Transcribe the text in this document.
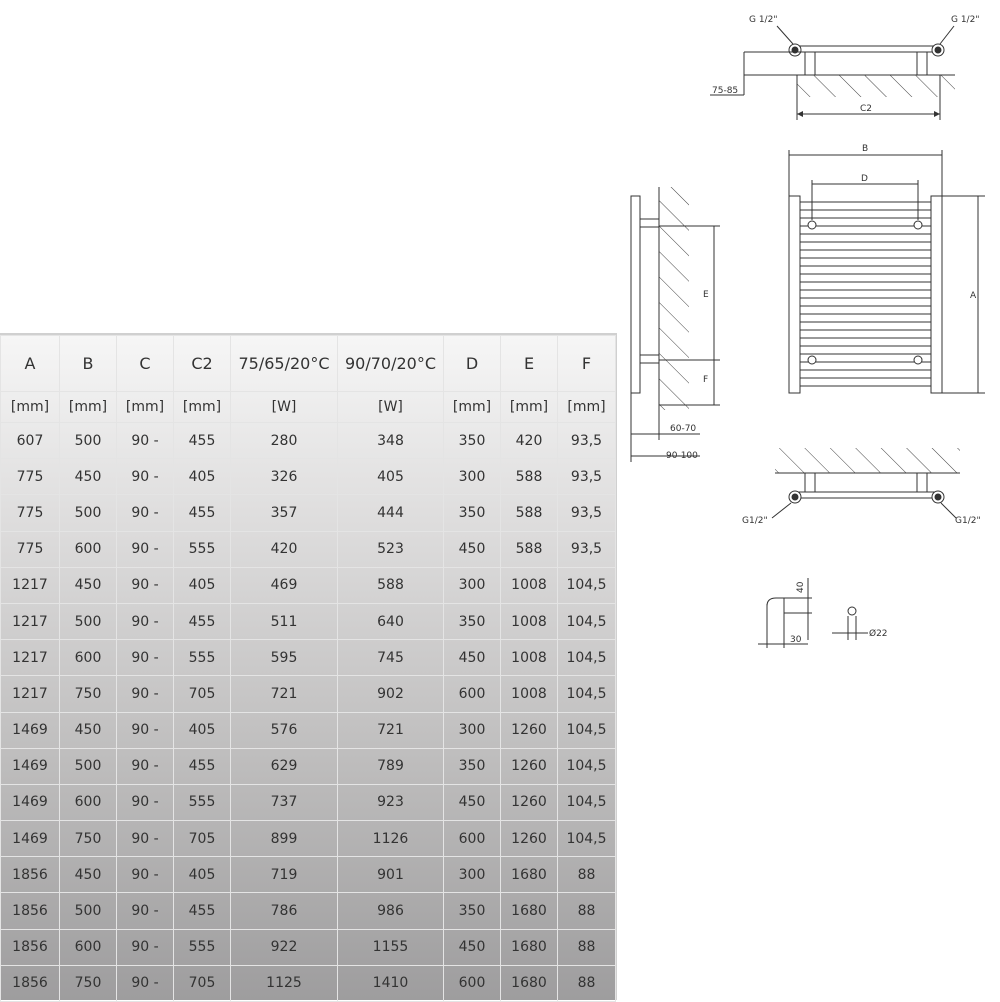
A	B	C	C2	75/65/20°C	90/70/20°C	D	E	F
[mm]	[mm]	[mm]	[mm]	[W]	[W]	[mm]	[mm]	[mm]
607	500	90 -	455	280	348	350	420	93,5
775	450	90 -	405	326	405	300	588	93,5
775	500	90 -	455	357	444	350	588	93,5
775	600	90 -	555	420	523	450	588	93,5
1217	450	90 -	405	469	588	300	1008	104,5
1217	500	90 -	455	511	640	350	1008	104,5
1217	600	90 -	555	595	745	450	1008	104,5
1217	750	90 -	705	721	902	600	1008	104,5
1469	450	90 -	405	576	721	300	1260	104,5
1469	500	90 -	455	629	789	350	1260	104,5
1469	600	90 -	555	737	923	450	1260	104,5
1469	750	90 -	705	899	1126	600	1260	104,5
1856	450	90 -	405	719	901	300	1680	88
1856	500	90 -	455	786	986	350	1680	88
1856	600	90 -	555	922	1155	450	1680	88
1856	750	90 -	705	1125	1410	600	1680	88
G 1/2"	G 1/2"
75-85
C2
B
D
A
E
F
60-70
90-100
G1/2"	G1/2"
40
30
Ø22
